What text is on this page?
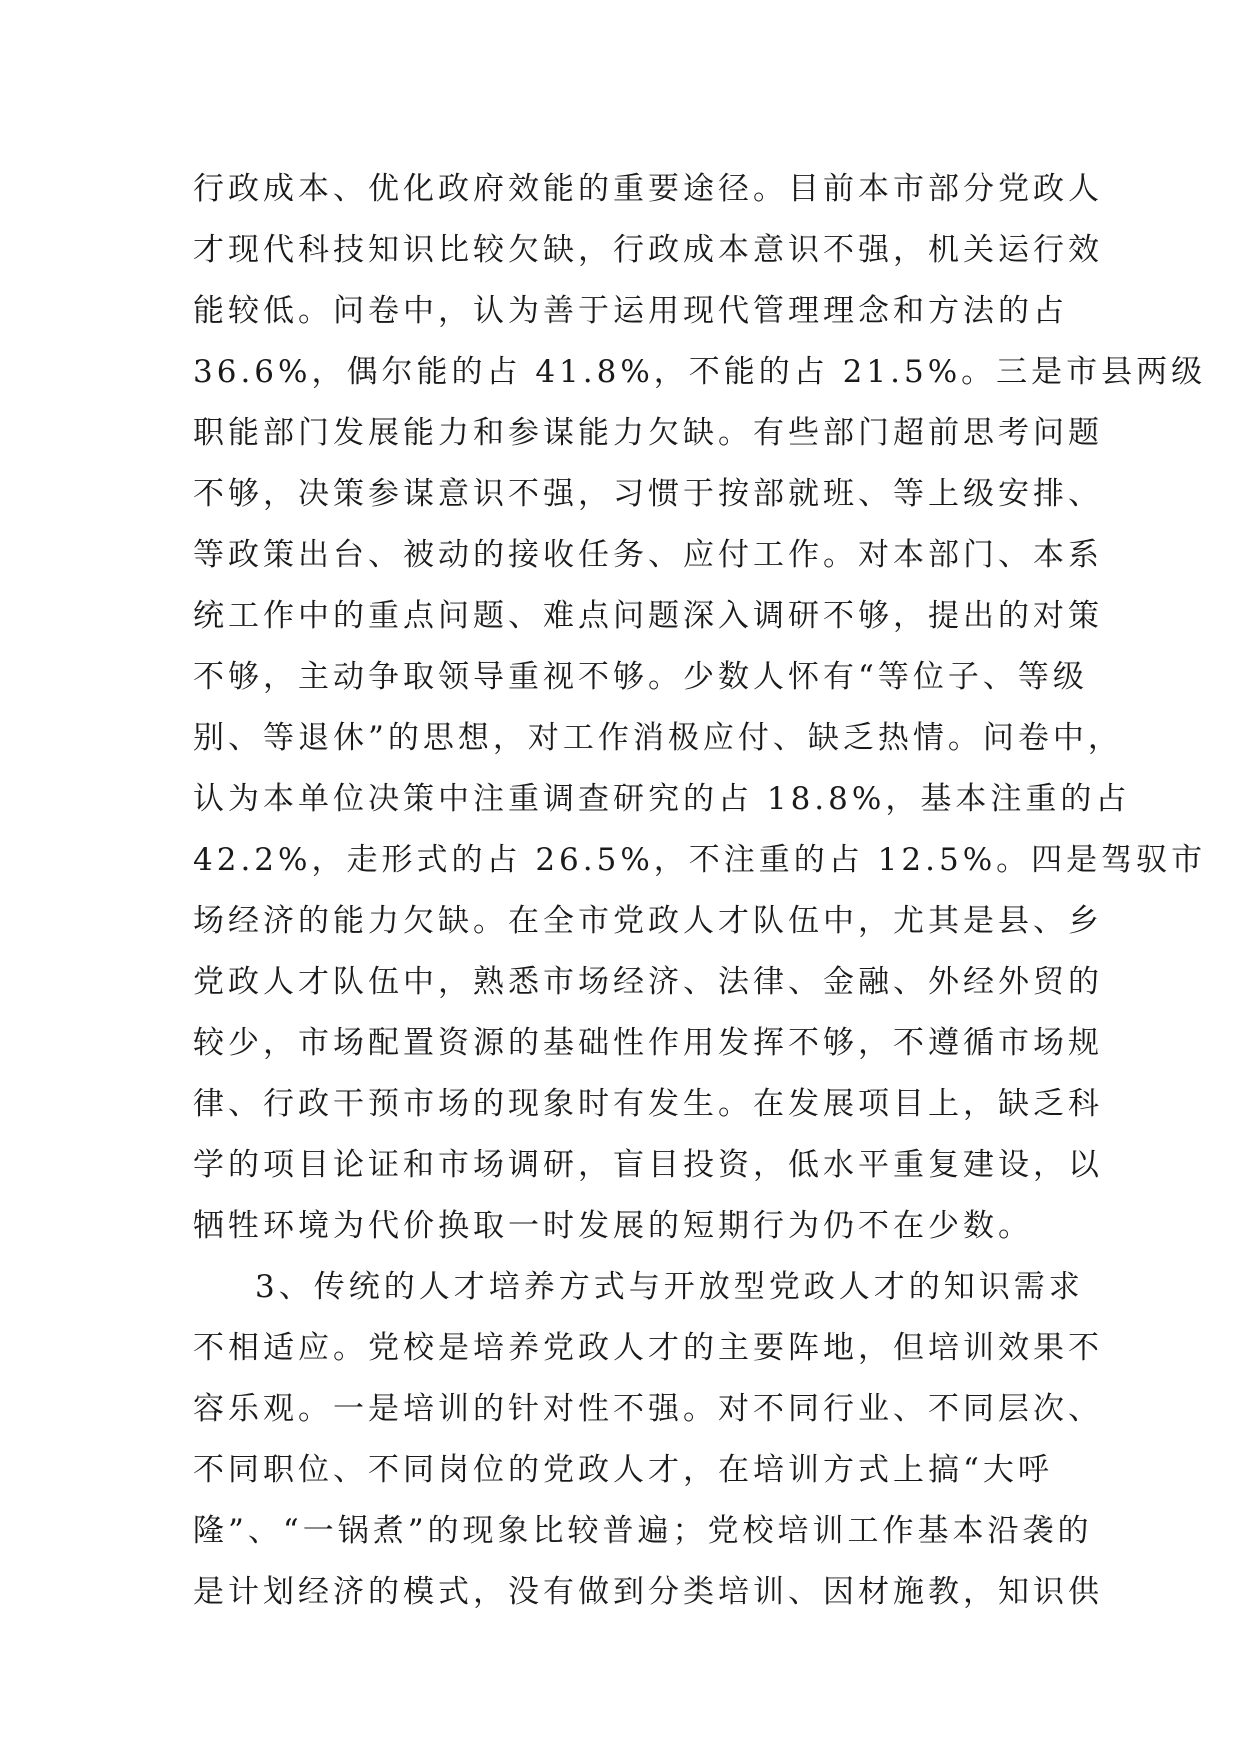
行政成本、优化政府效能的重要途径。目前本市部分党政人
才现代科技知识比较欠缺，行政成本意识不强，机关运行效
能较低。问卷中，认为善于运用现代管理理念和方法的占
36.6%，偶尔能的占 41.8%，不能的占 21.5%。三是市县两级
职能部门发展能力和参谋能力欠缺。有些部门超前思考问题
不够，决策参谋意识不强，习惯于按部就班、等上级安排、
等政策出台、被动的接收任务、应付工作。对本部门、本系
统工作中的重点问题、难点问题深入调研不够，提出的对策
不够，主动争取领导重视不够。少数人怀有“等位子、等级
别、等退休”的思想，对工作消极应付、缺乏热情。问卷中，
认为本单位决策中注重调查研究的占 18.8%，基本注重的占
42.2%，走形式的占 26.5%，不注重的占 12.5%。四是驾驭市
场经济的能力欠缺。在全市党政人才队伍中，尤其是县、乡
党政人才队伍中，熟悉市场经济、法律、金融、外经外贸的
较少，市场配置资源的基础性作用发挥不够，不遵循市场规
律、行政干预市场的现象时有发生。在发展项目上，缺乏科
学的项目论证和市场调研，盲目投资，低水平重复建设，以
牺牲环境为代价换取一时发展的短期行为仍不在少数。
3、传统的人才培养方式与开放型党政人才的知识需求
不相适应。党校是培养党政人才的主要阵地，但培训效果不
容乐观。一是培训的针对性不强。对不同行业、不同层次、
不同职位、不同岗位的党政人才，在培训方式上搞“大呼
隆”、“一锅煮”的现象比较普遍；党校培训工作基本沿袭的
是计划经济的模式，没有做到分类培训、因材施教，知识供
